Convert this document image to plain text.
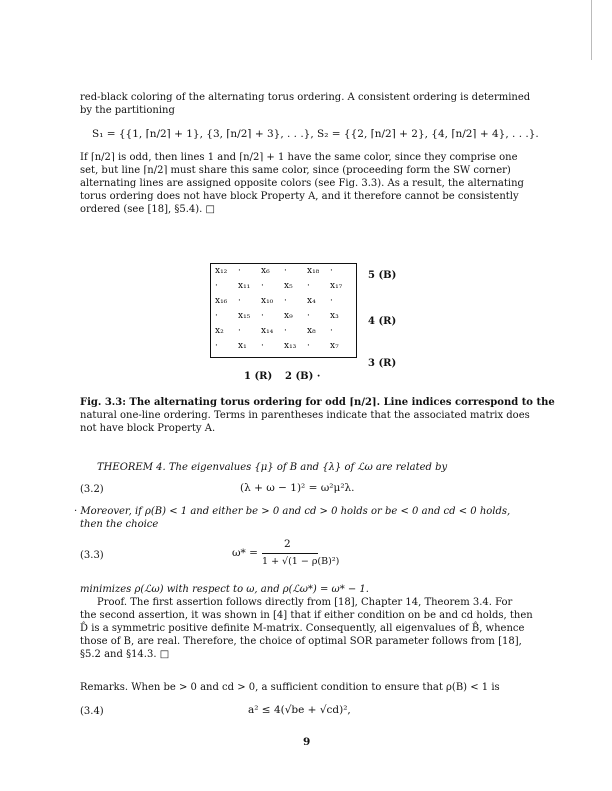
red-black coloring of the alternating torus ordering. A consistent ordering is determined
by the partitioning
S₁ = {{1, ⌈n/2⌉ + 1}, {3, ⌈n/2⌉ + 3}, . . .}, S₂ = {{2, ⌈n/2⌉ + 2}, {4, ⌈n/2⌉ + 4}, . . .}.
If ⌈n/2⌉ is odd, then lines 1 and ⌈n/2⌉ + 1 have the same color, since they comprise one
set, but line ⌈n/2⌉ must share this same color, since (proceeding form the SW corner)
alternating lines are assigned opposite colors (see Fig. 3.3). As a result, the alternating
torus ordering does not have block Property A, and it therefore cannot be consistently
ordered (see [18], §5.4). □
x₁₂ · x₆ · x₁₈ ·
· x₁₁ · x₅ · x₁₇
x₁₆ · x₁₀ · x₄ ·
· x₁₅ · x₉ · x₃
x₂ · x₁₄ · x₈ ·
· x₁ · x₁₃ · x₇
5 (B)
4 (R)
3 (R)
1 (R) 2 (B) ·
Fig. 3.3: The alternating torus ordering for odd ⌈n/2⌉. Line indices correspond to the
natural one-line ordering. Terms in parentheses indicate that the associated matrix does
not have block Property A.
THEOREM 4. The eigenvalues {μ} of B and {λ} of ℒω are related by
(3.2)	(λ + ω − 1)² = ω²μ²λ.
· Moreover, if ρ(B) < 1 and either be > 0 and cd > 0 holds or be < 0 and cd < 0 holds,
then the choice
(3.3)	ω* =
2
1 + √(1 − ρ(B)²)
minimizes ρ(ℒω) with respect to ω, and ρ(ℒω*) = ω* − 1.
Proof. The first assertion follows directly from [18], Chapter 14, Theorem 3.4. For
the second assertion, it was shown in [4] that if either condition on be and cd holds, then
D̂ is a symmetric positive definite M-matrix. Consequently, all eigenvalues of B̂, whence
those of B, are real. Therefore, the choice of optimal SOR parameter follows from [18],
§5.2 and §14.3. □
Remarks. When be > 0 and cd > 0, a sufficient condition to ensure that ρ(B) < 1 is
(3.4)	a² ≤ 4(√be + √cd)²,
9
